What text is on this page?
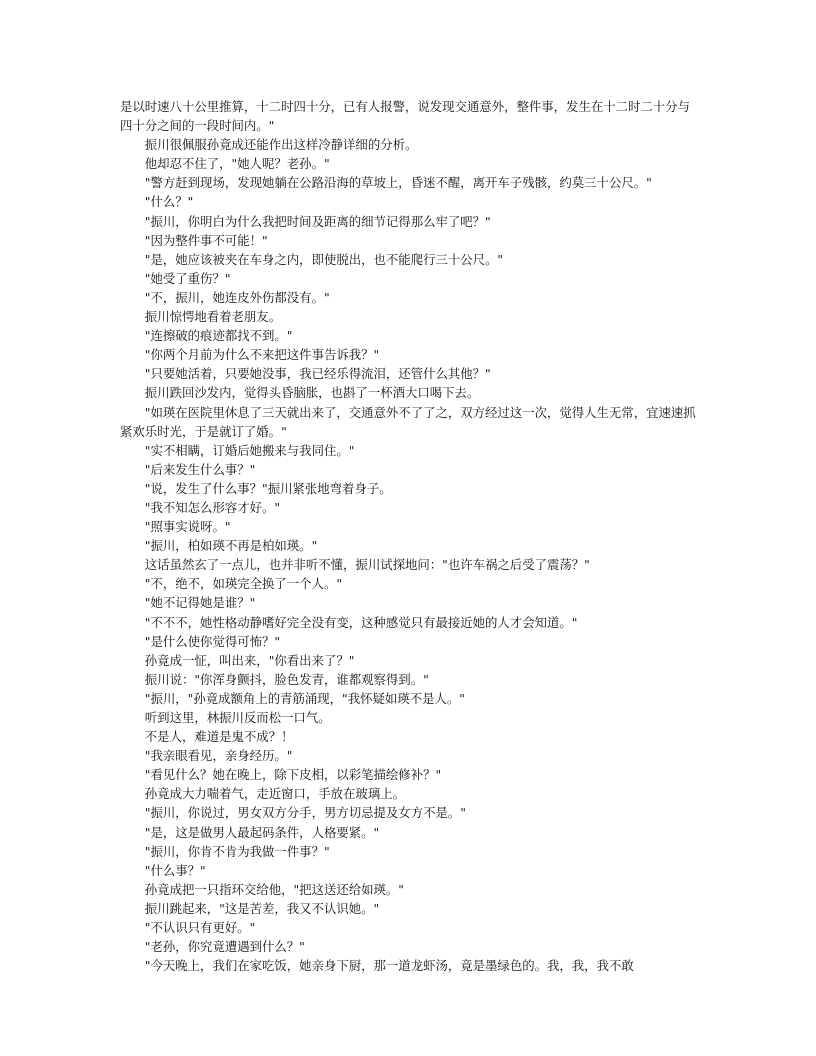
是以时速八十公里推算，十二时四十分，已有人报警，说发现交通意外，整件事，发生在十二时二十分与四十分之间的一段时间内。"

振川很佩服孙竟成还能作出这样冷静详细的分析。

他却忍不住了，"她人呢？老孙。"

"警方赶到现场，发现她躺在公路沿海的草坡上，昏迷不醒，离开车子残骸，约莫三十公尺。"

"什么？"

"振川，你明白为什么我把时间及距离的细节记得那么牢了吧？"

"因为整件事不可能！"

"是，她应该被夹在车身之内，即使脱出，也不能爬行三十公尺。"

"她受了重伤？"

"不，振川，她连皮外伤都没有。"

振川惊愕地看着老朋友。

"连擦破的痕迹都找不到。"

"你两个月前为什么不来把这件事告诉我？"

"只要她活着，只要她没事，我已经乐得流泪，还管什么其他？"

振川跌回沙发内，觉得头昏脑胀，也斟了一杯酒大口喝下去。

"如瑛在医院里休息了三天就出来了，交通意外不了了之，双方经过这一次，觉得人生无常，宜速速抓紧欢乐时光，于是就订了婚。"

"实不相瞒，订婚后她搬来与我同住。"

"后来发生什么事？"

"说，发生了什么事？"振川紧张地弯着身子。

"我不知怎么形容才好。"

"照事实说呀。"

"振川，柏如瑛不再是柏如瑛。"

这话虽然玄了一点儿，也并非听不懂，振川试探地问："也许车祸之后受了震荡？"

"不，绝不，如瑛完全换了一个人。"

"她不记得她是谁？"

"不不不，她性格动静嗜好完全没有变，这种感觉只有最接近她的人才会知道。"

"是什么使你觉得可怖？"

孙竟成一怔，叫出来，"你看出来了？"

振川说："你浑身颤抖，脸色发青，谁都观察得到。"

"振川，"孙竟成额角上的青筋涌现，"我怀疑如瑛不是人。"

听到这里，林振川反而松一口气。

不是人，难道是鬼不成？！

"我亲眼看见，亲身经历。"

"看见什么？她在晚上，除下皮相，以彩笔描绘修补？"

孙竟成大力喘着气，走近窗口，手放在玻璃上。

"振川，你说过，男女双方分手，男方切忌提及女方不是。"

"是，这是做男人最起码条件，人格要紧。"

"振川，你肯不肯为我做一件事？"

"什么事？"

孙竟成把一只指环交给他，"把这送还给如瑛。"

振川跳起来，"这是苦差，我又不认识她。"

"不认识只有更好。"

"老孙，你究竟遭遇到什么？"

"今天晚上，我们在家吃饭，她亲身下厨，那一道龙虾汤，竟是墨绿色的。我，我，我不敢
